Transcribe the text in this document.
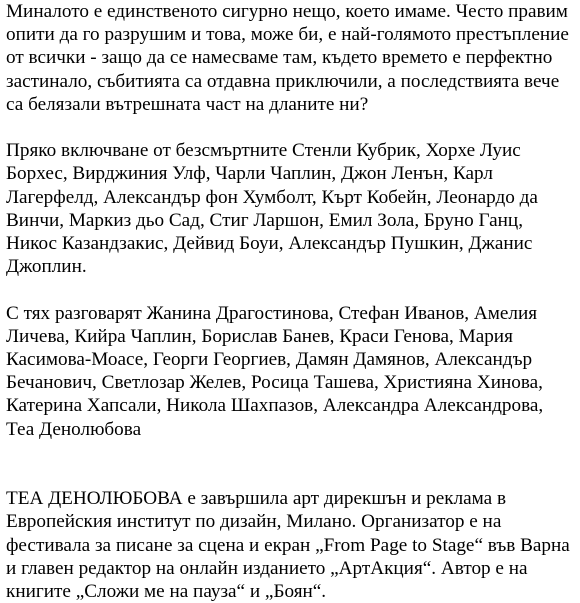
Миналото е единственото сигурно нещо, което имаме. Често правим
опити да го разрушим и това, може би, е най-голямото престъпление
от всички - защо да се намесваме там, където времето е перфектно
застинало, събитията са отдавна приключили, а последствията вече
са белязали вътрешната част на дланите ни?
Пряко включване от безсмъртните Стенли Кубрик, Хорхе Луис
Борхес, Вирджиния Улф, Чарли Чаплин, Джон Ленън, Карл
Лагерфелд, Алeксандър фон Хумболт, Кърт Кобейн, Леонардо да
Винчи, Маркиз дьо Сад, Стиг Ларшон, Емил Зола, Бруно Ганц,
Никос Казандзакис, Дейвид Боуи, Александър Пушкин, Джанис
Джоплин.
С тях разговарят Жанина Драгостинова, Стефан Иванов, Амелия
Личева, Кийра Чаплин, Борислав Банев, Краси Генова, Мария
Касимова-Моасе, Георги Георгиев, Дамян Дамянов, Александър
Бечанович, Светлозар Желев, Росица Ташева, Християна Хинова,
Катерина Хапсали, Никола Шахпазов, Александра Александрова,
Теа Денолюбова
ТЕА ДЕНОЛЮБОВА е завършила арт дирекшън и реклама в
Европейския институт по дизайн, Милано. Организатор е на
фестивала за писане за сцена и екран „From Page to Stage“ във Варна
и главен редактор на онлайн изданието „АртАкция“. Автор е на
книгите „Сложи ме на пауза“ и „Боян“.
